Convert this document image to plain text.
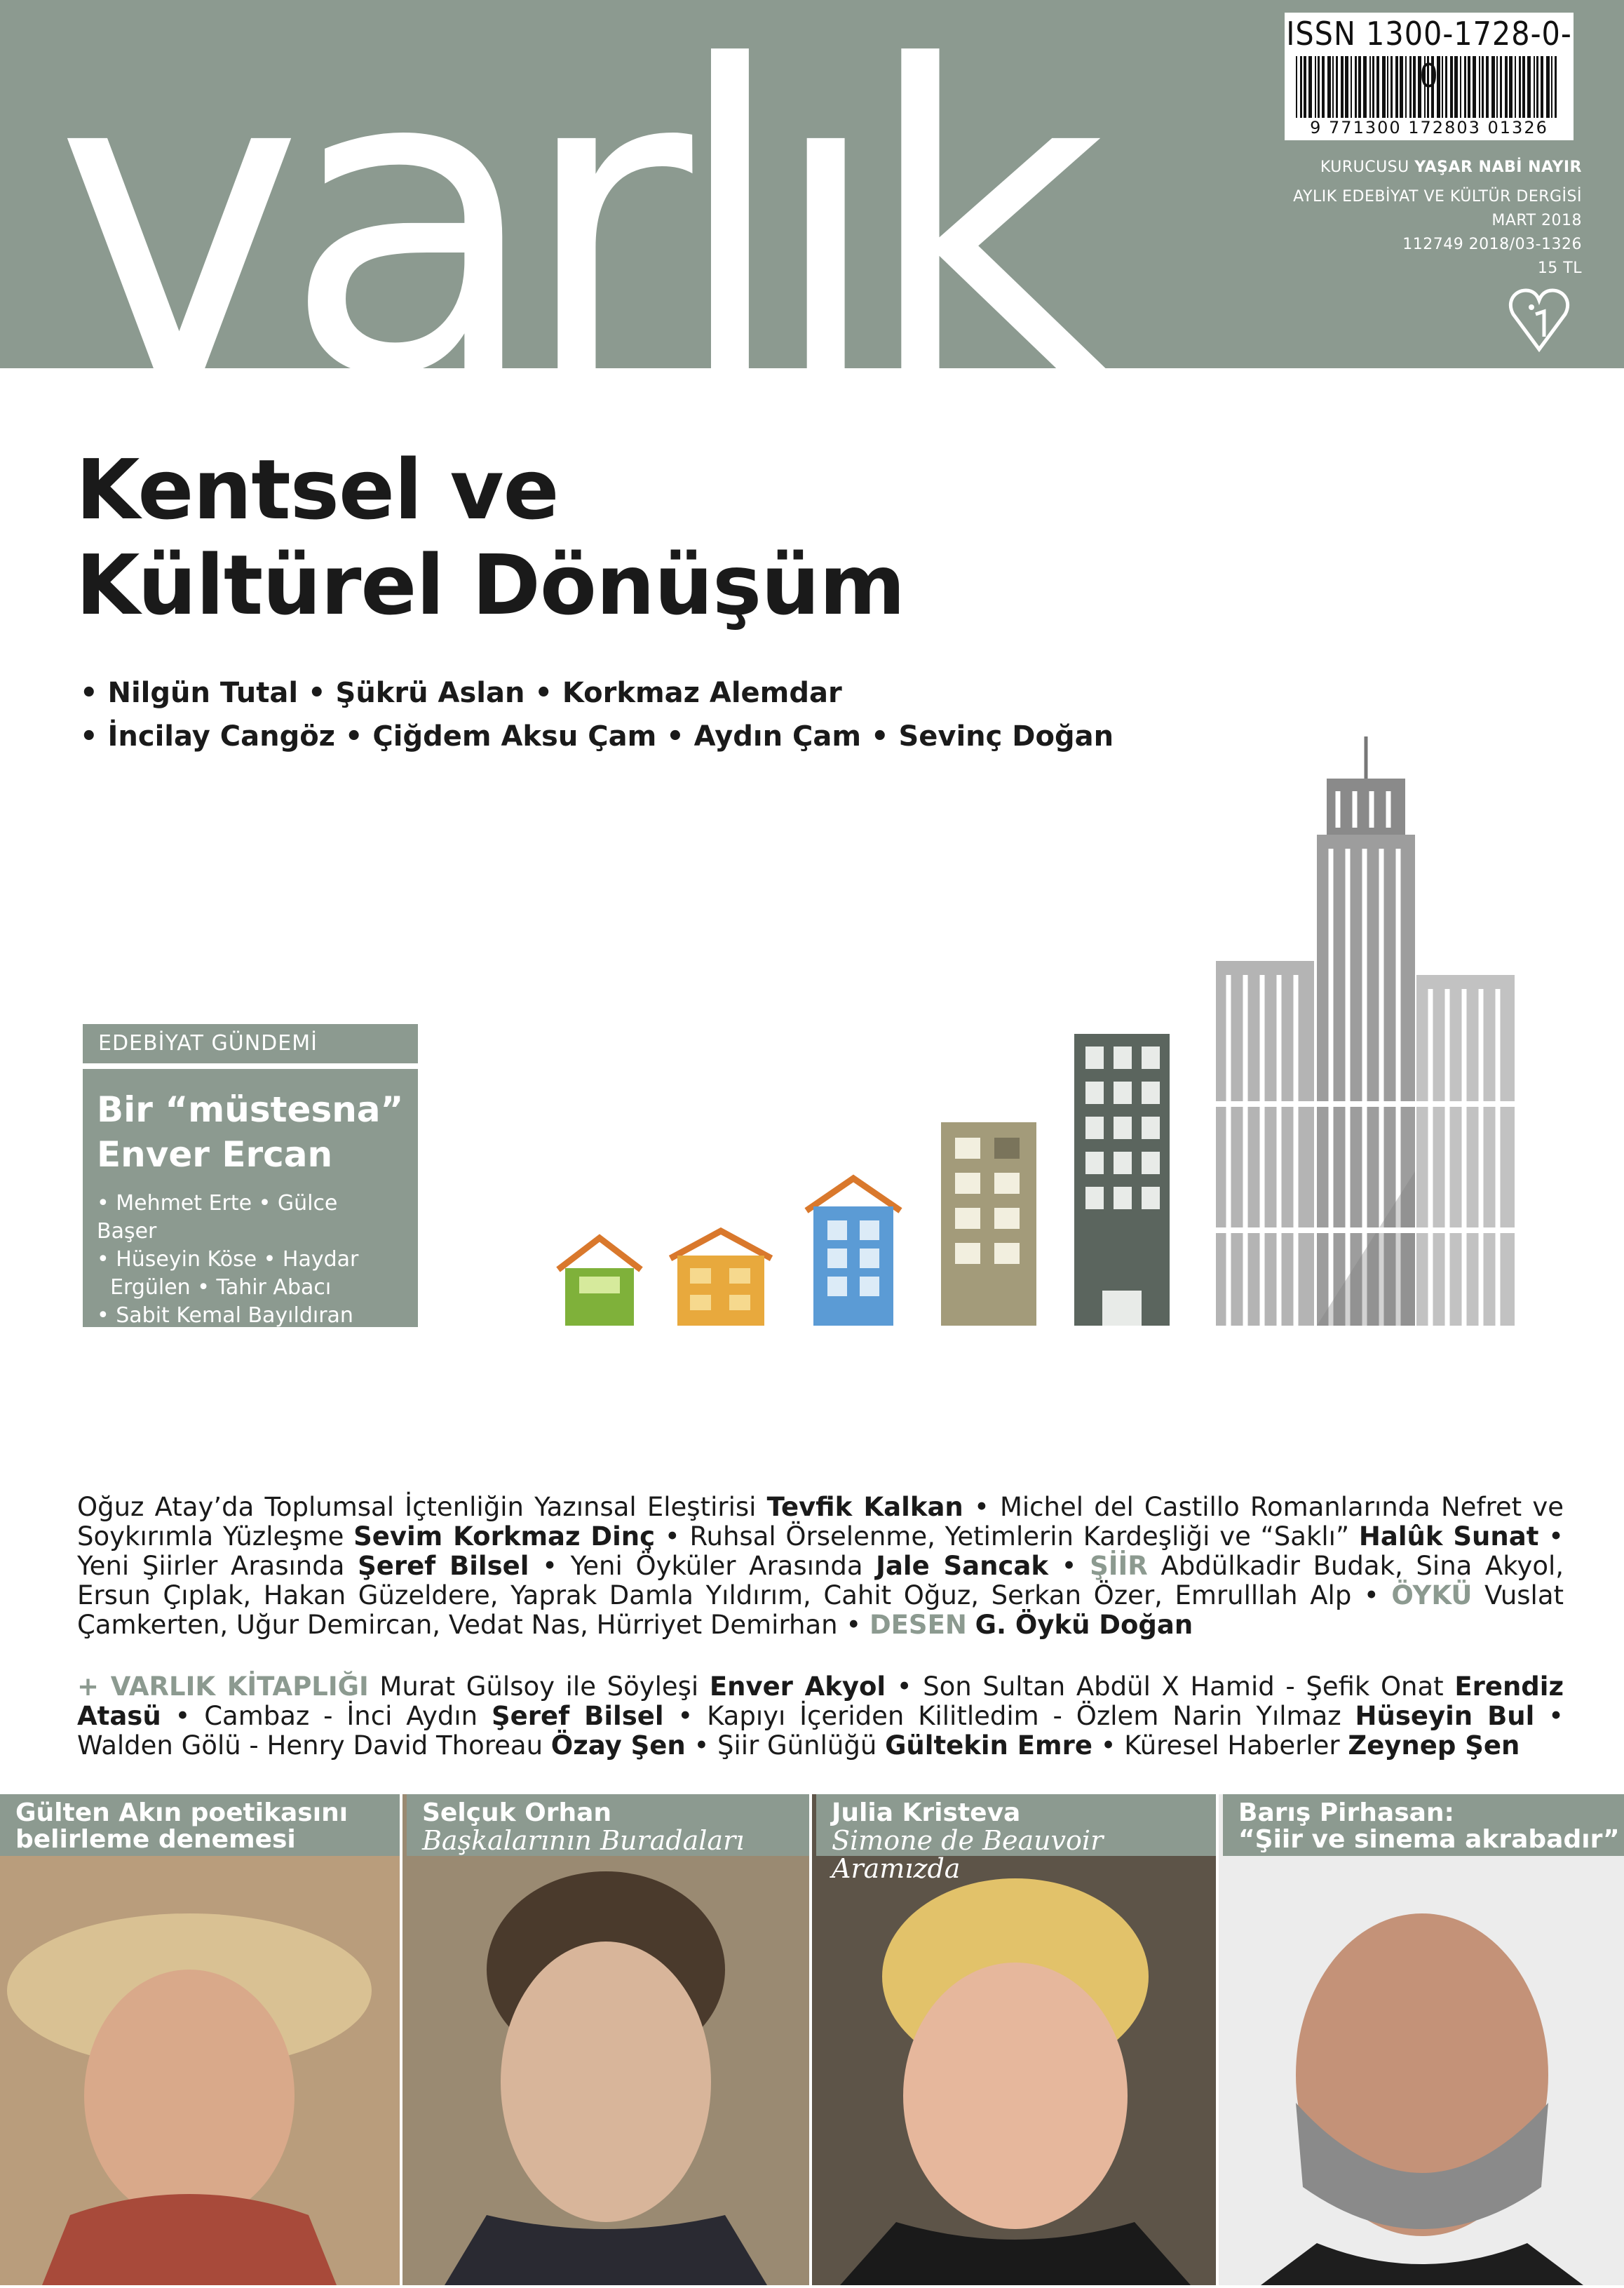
varlık	ISSN 1300-1728-0-
9 771300 172803 01326
KURUCUSU YAŞAR NABİ NAYIR
AYLIK EDEBİYAT VE KÜLTÜR DERGİSİ
MART 2018
112749 2018/03-1326
15 TL
Kentsel ve
Kültürel Dönüşüm
• Nilgün Tutal • Şükrü Aslan • Korkmaz Alemdar
• İncilay Cangöz • Çiğdem Aksu Çam • Aydın Çam • Sevinç Doğan
EDEBİYAT GÜNDEMİ
Bir “müstesna”
Enver Ercan
• Mehmet Erte • Gülce Başer
• Hüseyin Köse • Haydar
Ergülen • Tahir Abacı
• Sabit Kemal Bayıldıran
Oğuz Atay’da Toplumsal İçtenliğin Yazınsal Eleştirisi Tevfik Kalkan • Michel del Castillo Romanlarında Nefret ve Soykırımla Yüzleşme Sevim Korkmaz Dinç • Ruhsal Örselenme, Yetimlerin Kardeşliği ve “Saklı” Halûk Sunat • Yeni Şiirler Arasında Şeref Bilsel • Yeni Öyküler Arasında Jale Sancak • ŞİİR Abdülkadir Budak, Sina Akyol, Ersun Çıplak, Hakan Güzeldere, Yaprak Damla Yıldırım, Cahit Oğuz, Serkan Özer, Emrulllah Alp • ÖYKÜ Vuslat Çamkerten, Uğur Demircan, Vedat Nas, Hürriyet Demirhan • DESEN G. Öykü Doğan
+ VARLIK KİTAPLIĞI Murat Gülsoy ile Söyleşi Enver Akyol • Son Sultan Abdül X Hamid - Şefik Onat Erendiz Atasü • Cambaz - İnci Aydın Şeref Bilsel • Kapıyı İçeriden Kilitledim - Özlem Narin Yılmaz Hüseyin Bul • Walden Gölü - Henry David Thoreau Özay Şen • Şiir Günlüğü Gültekin Emre • Küresel Haberler Zeynep Şen
Gülten Akın poetikasını
belirleme denemesi
Selçuk Orhan
Başkalarının Buradaları
Julia Kristeva
Simone de Beauvoir Aramızda
Barış Pirhasan:
“Şiir ve sinema akrabadır”
